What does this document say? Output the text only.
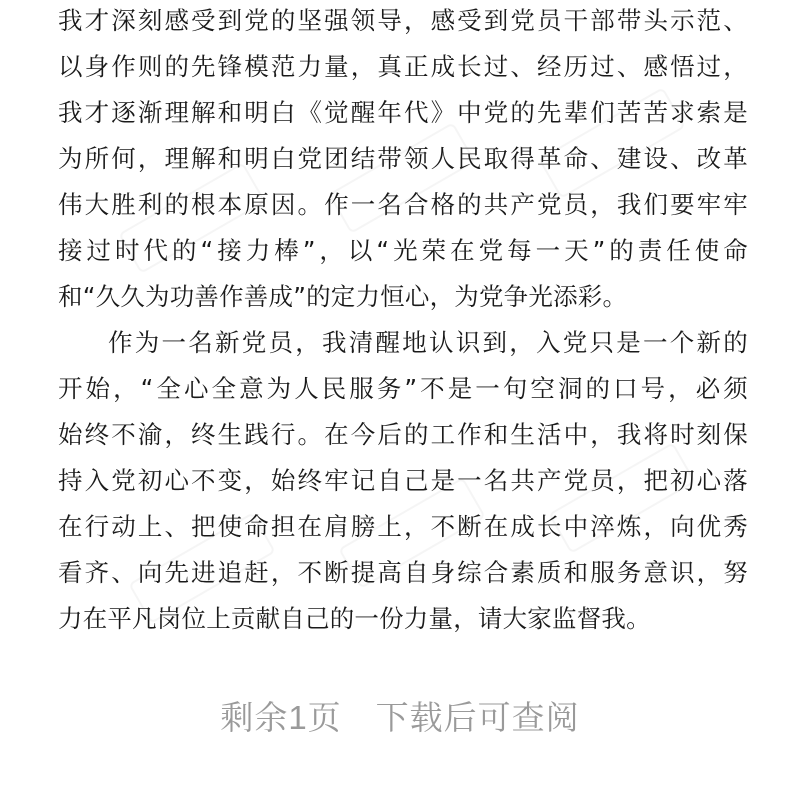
我才深刻感受到党的坚强领导，感受到党员干部带头示范、
以身作则的先锋模范力量，真正成长过、经历过、感悟过，
我才逐渐理解和明白《觉醒年代》中党的先辈们苦苦求索是
为所何，理解和明白党团结带领人民取得革命、建设、改革
伟大胜利的根本原因。作一名合格的共产党员，我们要牢牢
接过时代的“接力棒”，以“光荣在党每一天”的责任使命
和“久久为功善作善成”的定力恒心，为党争光添彩。
作为一名新党员，我清醒地认识到，入党只是一个新的
开始，“全心全意为人民服务”不是一句空洞的口号，必须
始终不渝，终生践行。在今后的工作和生活中，我将时刻保
持入党初心不变，始终牢记自己是一名共产党员，把初心落
在行动上、把使命担在肩膀上，不断在成长中淬炼，向优秀
看齐、向先进追赶，不断提高自身综合素质和服务意识，努
力在平凡岗位上贡献自己的一份力量，请大家监督我。
剩余1页　下载后可查阅
